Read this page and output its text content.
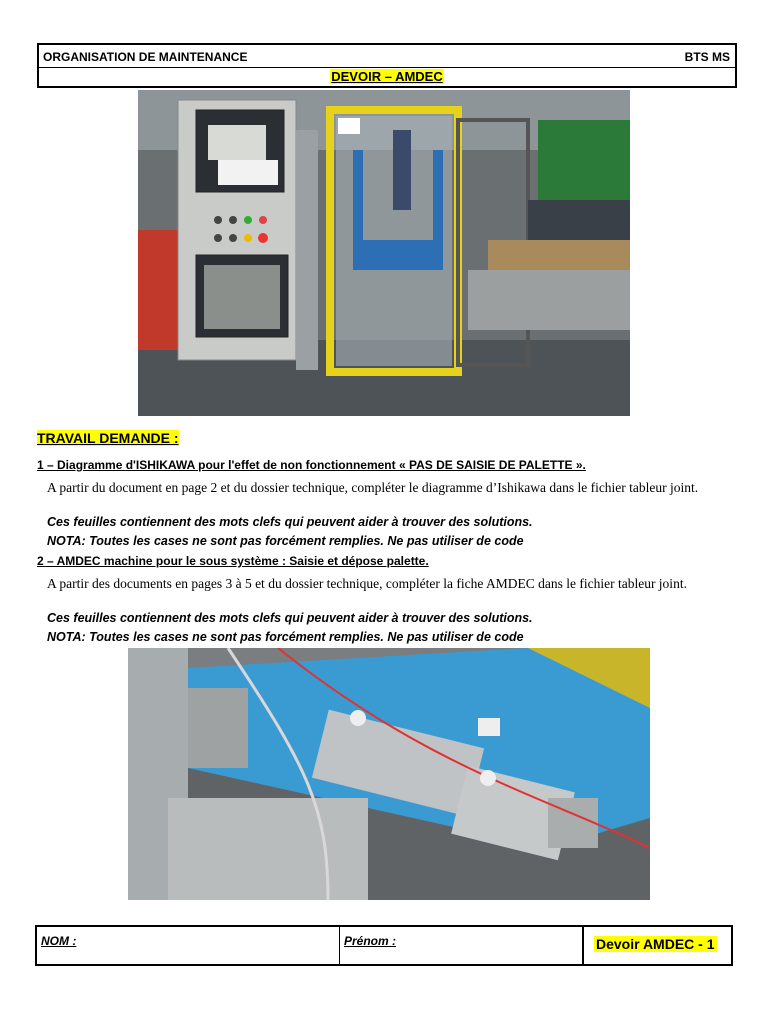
ORGANISATION DE MAINTENANCE	BTS MS
DEVOIR – AMDEC
TRAVAIL DEMANDE :
1 – Diagramme d'ISHIKAWA pour l'effet de non fonctionnement « PAS DE SAISIE DE PALETTE ».
A partir du document en page 2 et du dossier technique, compléter le diagramme d’Ishikawa dans le fichier tableur joint.
Ces feuilles contiennent des mots clefs qui peuvent aider à trouver des solutions.
NOTA: Toutes les cases ne sont pas forcément remplies. Ne pas utiliser de code
2 – AMDEC machine pour le sous système : Saisie et dépose palette.
A partir des documents en pages 3 à 5 et du dossier technique, compléter la fiche AMDEC dans le fichier tableur joint.
Ces feuilles contiennent des mots clefs qui peuvent aider à trouver des solutions.
NOTA: Toutes les cases ne sont pas forcément remplies. Ne pas utiliser de code
NOM :	Prénom :	Devoir AMDEC - 1
